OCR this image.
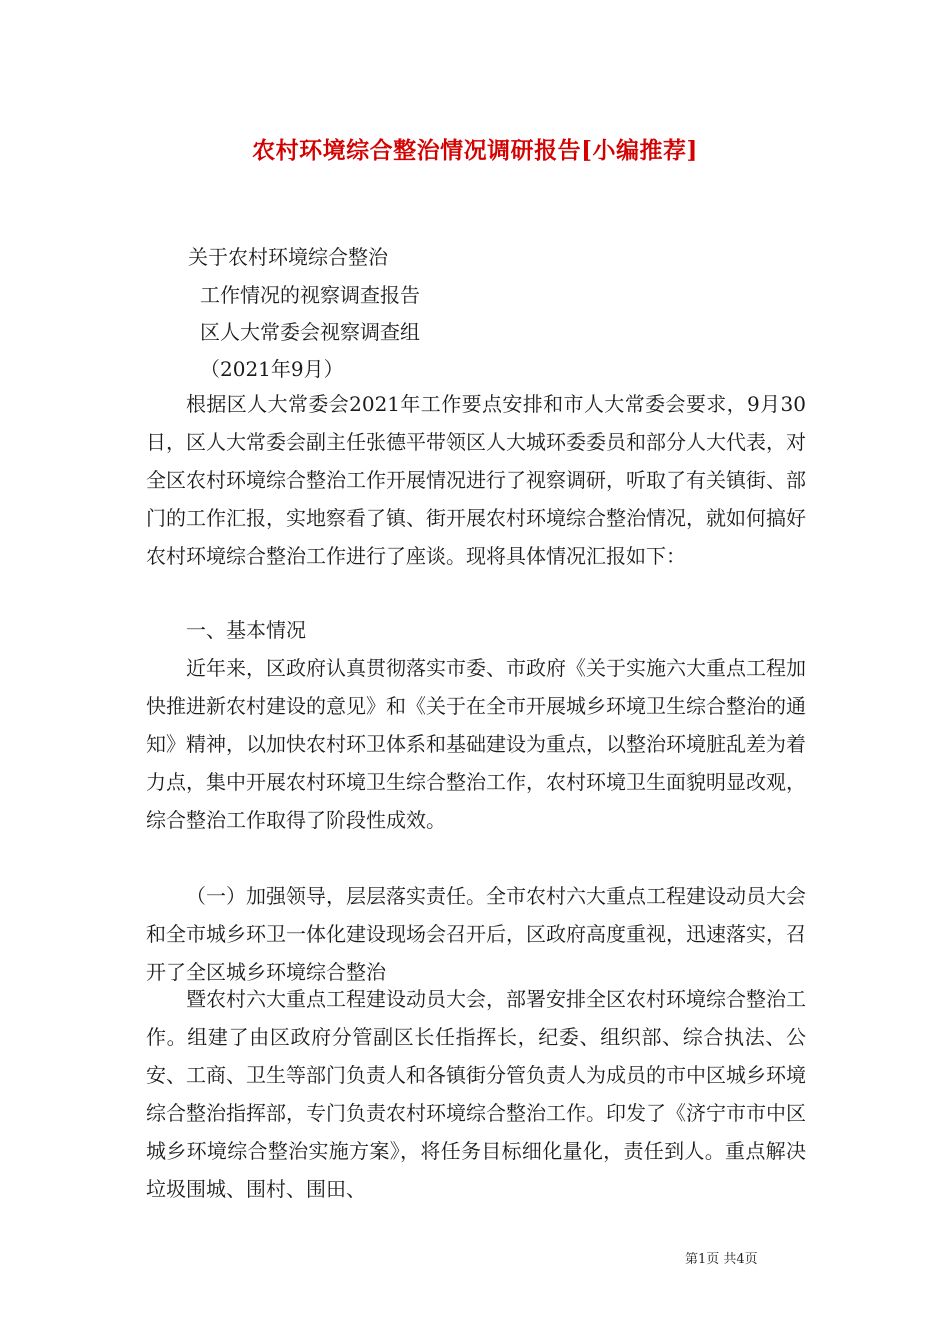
农村环境综合整治情况调研报告[小编推荐]
关于农村环境综合整治
工作情况的视察调查报告
区人大常委会视察调查组
（2021年9月）

根据区人大常委会2021年工作要点安排和市人大常委会要求，9月30日，区人大常委会副主任张德平带领区人大城环委委员和部分人大代表，对全区农村环境综合整治工作开展情况进行了视察调研，听取了有关镇街、部门的工作汇报，实地察看了镇、街开展农村环境综合整治情况，就如何搞好农村环境综合整治工作进行了座谈。现将具体情况汇报如下：

一、基本情况

近年来，区政府认真贯彻落实市委、市政府《关于实施六大重点工程加快推进新农村建设的意见》和《关于在全市开展城乡环境卫生综合整治的通知》精神，以加快农村环卫体系和基础建设为重点，以整治环境脏乱差为着力点，集中开展农村环境卫生综合整治工作，农村环境卫生面貌明显改观，综合整治工作取得了阶段性成效。

（一）加强领导，层层落实责任。全市农村六大重点工程建设动员大会和全市城乡环卫一体化建设现场会召开后，区政府高度重视，迅速落实，召开了全区城乡环境综合整治

暨农村六大重点工程建设动员大会，部署安排全区农村环境综合整治工作。组建了由区政府分管副区长任指挥长，纪委、组织部、综合执法、公安、工商、卫生等部门负责人和各镇街分管负责人为成员的市中区城乡环境综合整治指挥部，专门负责农村环境综合整治工作。印发了《济宁市市中区城乡环境综合整治实施方案》，将任务目标细化量化，责任到人。重点解决垃圾围城、围村、围田、

第1页 共4页
